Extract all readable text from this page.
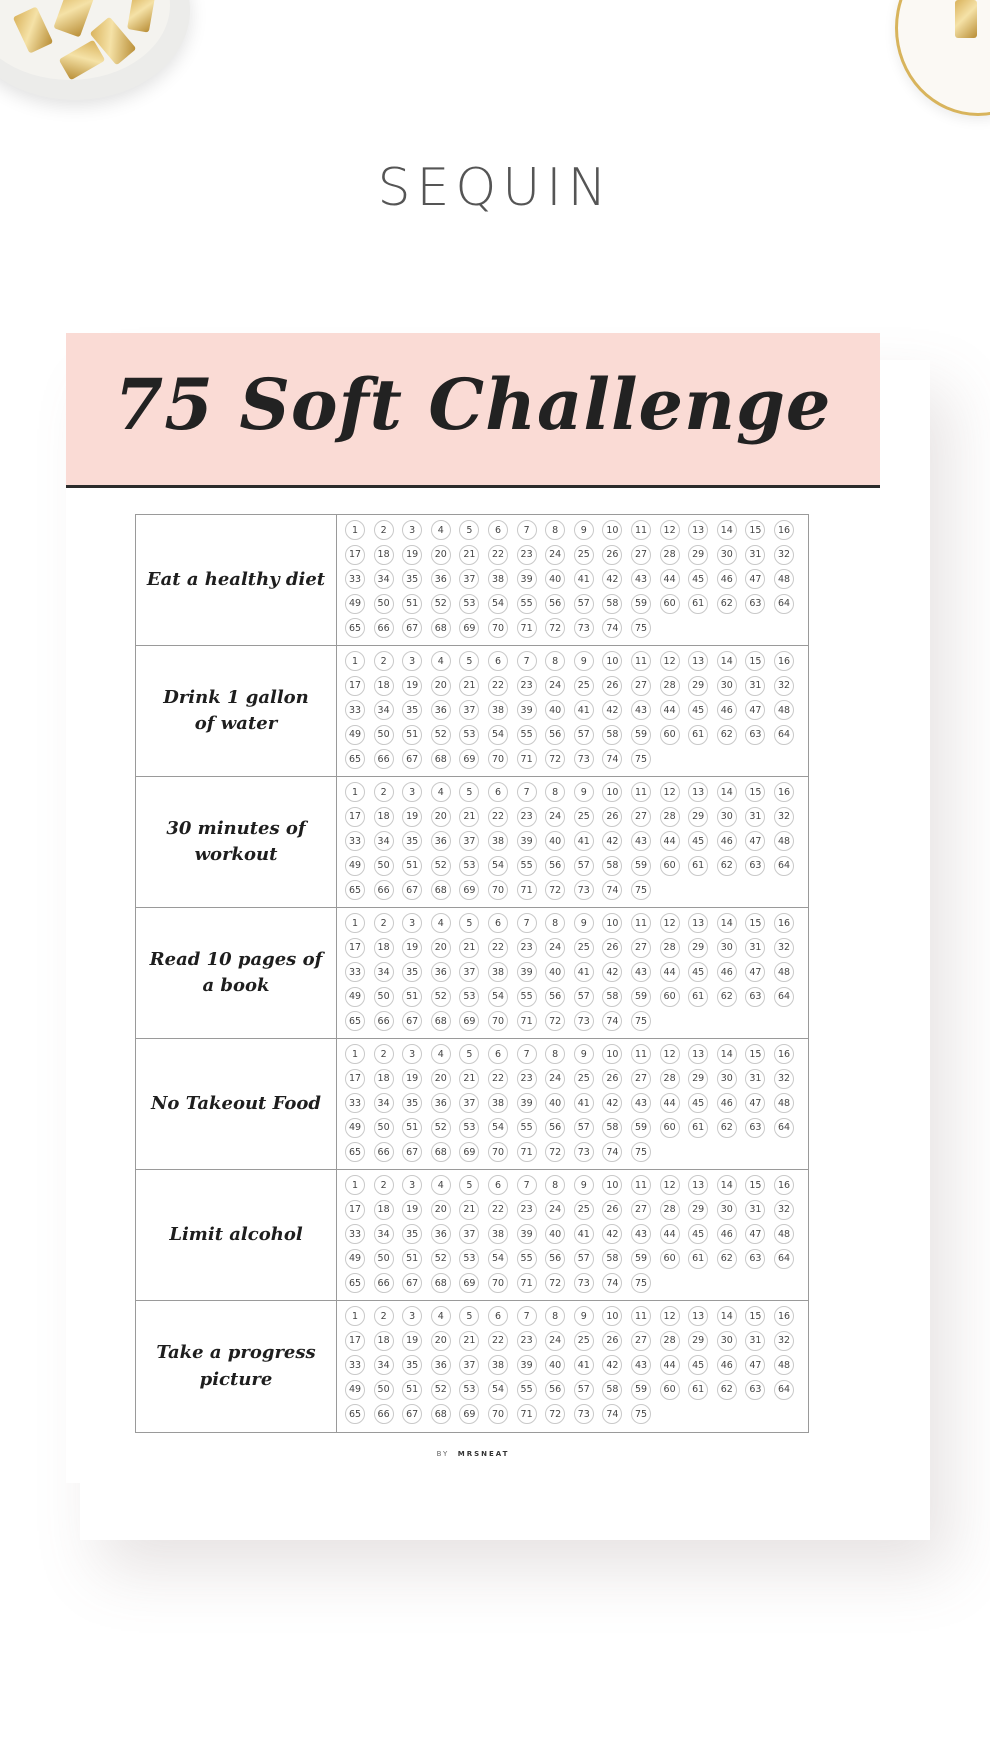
SEQUIN
75 Soft Challenge
Eat a healthy diet
1	2	3	4	5	6	7	8	9	10	11	12	13	14	15	16
17	18	19	20	21	22	23	24	25	26	27	28	29	30	31	32
33	34	35	36	37	38	39	40	41	42	43	44	45	46	47	48
49	50	51	52	53	54	55	56	57	58	59	60	61	62	63	64
65	66	67	68	69	70	71	72	73	74	75
Drink 1 gallon
of water
1	2	3	4	5	6	7	8	9	10	11	12	13	14	15	16
17	18	19	20	21	22	23	24	25	26	27	28	29	30	31	32
33	34	35	36	37	38	39	40	41	42	43	44	45	46	47	48
49	50	51	52	53	54	55	56	57	58	59	60	61	62	63	64
65	66	67	68	69	70	71	72	73	74	75
30 minutes of workout
1	2	3	4	5	6	7	8	9	10	11	12	13	14	15	16
17	18	19	20	21	22	23	24	25	26	27	28	29	30	31	32
33	34	35	36	37	38	39	40	41	42	43	44	45	46	47	48
49	50	51	52	53	54	55	56	57	58	59	60	61	62	63	64
65	66	67	68	69	70	71	72	73	74	75
Read 10 pages of a book
1	2	3	4	5	6	7	8	9	10	11	12	13	14	15	16
17	18	19	20	21	22	23	24	25	26	27	28	29	30	31	32
33	34	35	36	37	38	39	40	41	42	43	44	45	46	47	48
49	50	51	52	53	54	55	56	57	58	59	60	61	62	63	64
65	66	67	68	69	70	71	72	73	74	75
No Takeout Food
1	2	3	4	5	6	7	8	9	10	11	12	13	14	15	16
17	18	19	20	21	22	23	24	25	26	27	28	29	30	31	32
33	34	35	36	37	38	39	40	41	42	43	44	45	46	47	48
49	50	51	52	53	54	55	56	57	58	59	60	61	62	63	64
65	66	67	68	69	70	71	72	73	74	75
Limit alcohol
1	2	3	4	5	6	7	8	9	10	11	12	13	14	15	16
17	18	19	20	21	22	23	24	25	26	27	28	29	30	31	32
33	34	35	36	37	38	39	40	41	42	43	44	45	46	47	48
49	50	51	52	53	54	55	56	57	58	59	60	61	62	63	64
65	66	67	68	69	70	71	72	73	74	75
Take a progress picture
1	2	3	4	5	6	7	8	9	10	11	12	13	14	15	16
17	18	19	20	21	22	23	24	25	26	27	28	29	30	31	32
33	34	35	36	37	38	39	40	41	42	43	44	45	46	47	48
49	50	51	52	53	54	55	56	57	58	59	60	61	62	63	64
65	66	67	68	69	70	71	72	73	74	75
BY MRSNEAT
